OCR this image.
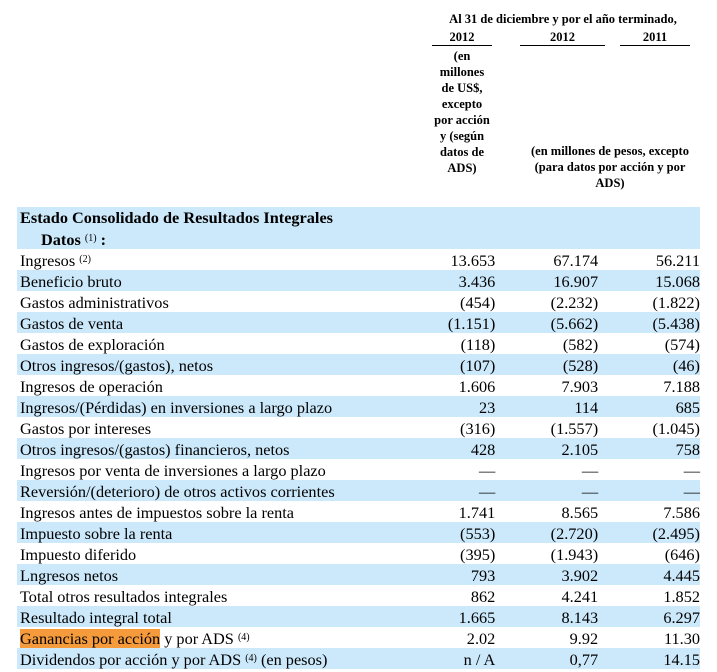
Al 31 de diciembre y por el año terminado,
2012	2012	2011
(en millones de US$, excepto por acción y (según datos de ADS)
(en millones de pesos, excepto (para datos por acción y por ADS)
Estado Consolidado de Resultados Integrales
Datos $^{(1)}$ :
Ingresos $^{(2)}$	13.653	67.174	56.211
Beneficio bruto	3.436	16.907	15.068
Gastos administrativos	(454)	(2.232)	(1.822)
Gastos de venta	(1.151)	(5.662)	(5.438)
Gastos de exploración	(118)	(582)	(574)
Otros ingresos/(gastos), netos	(107)	(528)	(46)
Ingresos de operación	1.606	7.903	7.188
Ingresos/(Pérdidas) en inversiones a largo plazo	23	114	685
Gastos por intereses	(316)	(1.557)	(1.045)
Otros ingresos/(gastos) financieros, netos	428	2.105	758
Ingresos por venta de inversiones a largo plazo	—	—	—
Reversión/(deterioro) de otros activos corrientes	—	—	—
Ingresos antes de impuestos sobre la renta	1.741	8.565	7.586
Impuesto sobre la renta	(553)	(2.720)	(2.495)
Impuesto diferido	(395)	(1.943)	(646)
Lngresos netos	793	3.902	4.445
Total otros resultados integrales	862	4.241	1.852
Resultado integral total	1.665	8.143	6.297
Ganancias por acción y por ADS $^{(4)}$	2.02	9.92	11.30
Dividendos por acción y por ADS $^{(4)}$ (en pesos)	n / A	0,77	14.15
